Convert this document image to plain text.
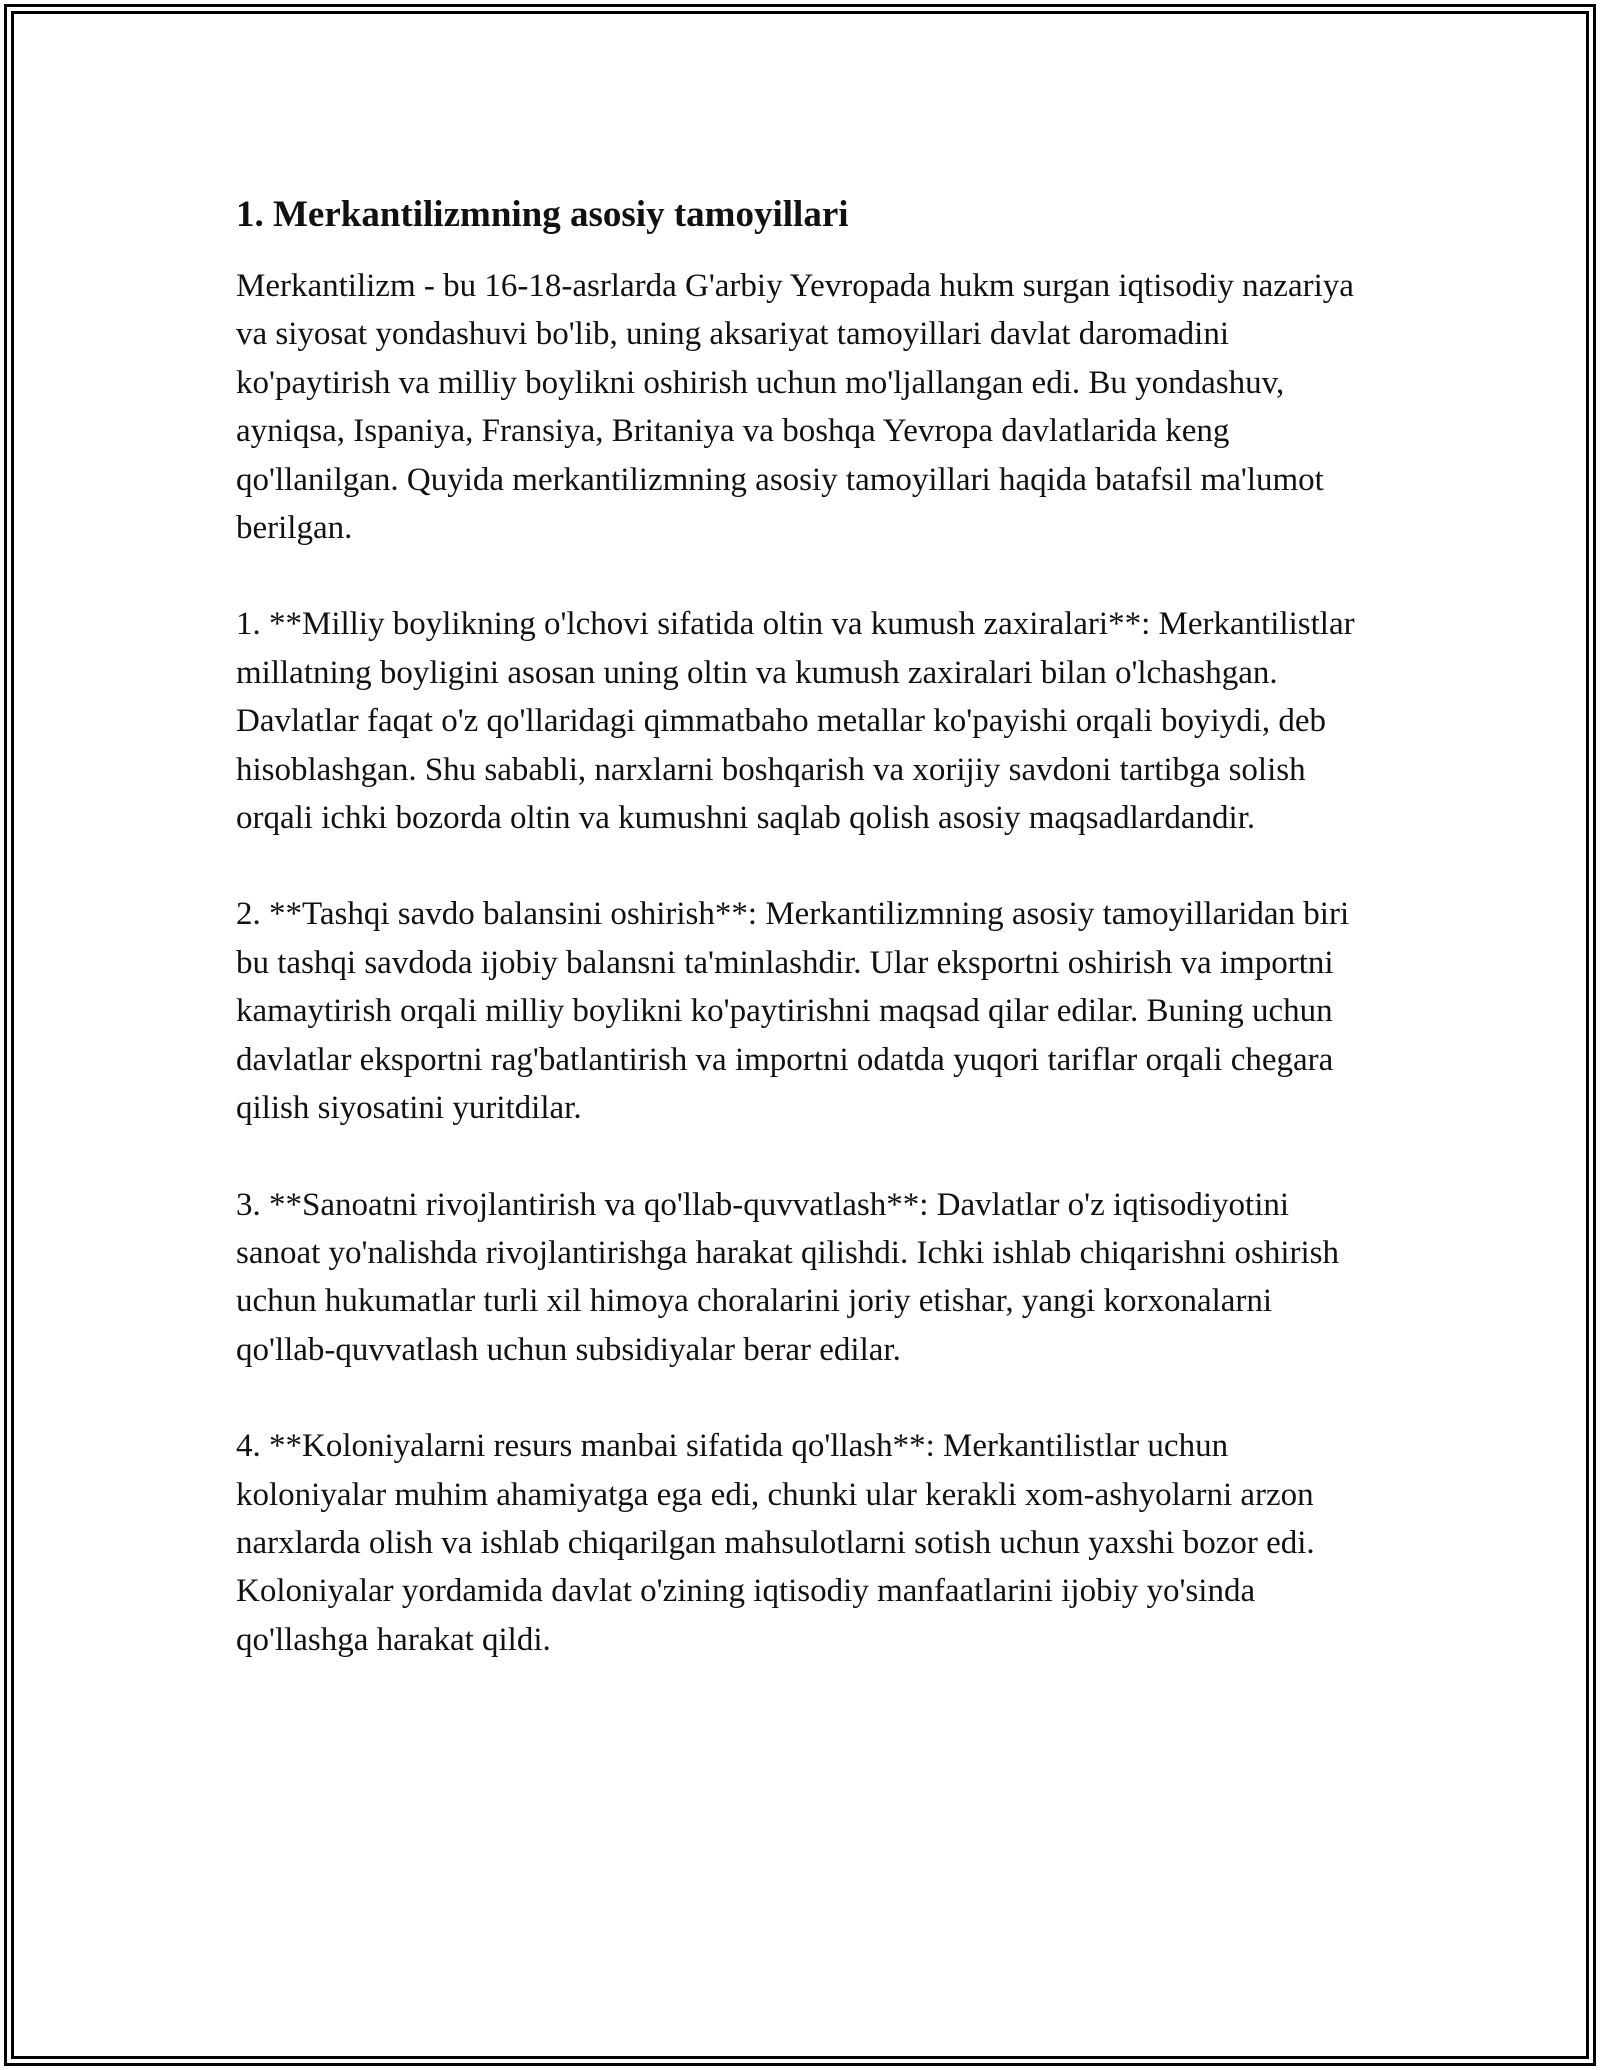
1. Merkantilizmning asosiy tamoyillari

Merkantilizm - bu 16-18-asrlarda G'arbiy Yevropada hukm surgan iqtisodiy nazariya va siyosat yondashuvi bo'lib, uning aksariyat tamoyillari davlat daromadini ko'paytirish va milliy boylikni oshirish uchun mo'ljallangan edi. Bu yondashuv, ayniqsa, Ispaniya, Fransiya, Britaniya va boshqa Yevropa davlatlarida keng qo'llanilgan. Quyida merkantilizmning asosiy tamoyillari haqida batafsil ma'lumot berilgan.

1. **Milliy boylikning o'lchovi sifatida oltin va kumush zaxiralari**: Merkantilistlar millatning boyligini asosan uning oltin va kumush zaxiralari bilan o'lchashgan. Davlatlar faqat o'z qo'llaridagi qimmatbaho metallar ko'payishi orqali boyiydi, deb hisoblashgan. Shu sababli, narxlarni boshqarish va xorijiy savdoni tartibga solish orqali ichki bozorda oltin va kumushni saqlab qolish asosiy maqsadlardandir.

2. **Tashqi savdo balansini oshirish**: Merkantilizmning asosiy tamoyillaridan biri bu tashqi savdoda ijobiy balansni ta'minlashdir. Ular eksportni oshirish va importni kamaytirish orqali milliy boylikni ko'paytirishni maqsad qilar edilar. Buning uchun davlatlar eksportni rag'batlantirish va importni odatda yuqori tariflar orqali chegara qilish siyosatini yuritdilar.

3. **Sanoatni rivojlantirish va qo'llab-quvvatlash**: Davlatlar o'z iqtisodiyotini sanoat yo'nalishda rivojlantirishga harakat qilishdi. Ichki ishlab chiqarishni oshirish uchun hukumatlar turli xil himoya choralarini joriy etishar, yangi korxonalarni qo'llab-quvvatlash uchun subsidiyalar berar edilar.

4. **Koloniyalarni resurs manbai sifatida qo'llash**: Merkantilistlar uchun koloniyalar muhim ahamiyatga ega edi, chunki ular kerakli xom-ashyolarni arzon narxlarda olish va ishlab chiqarilgan mahsulotlarni sotish uchun yaxshi bozor edi. Koloniyalar yordamida davlat o'zining iqtisodiy manfaatlarini ijobiy yo'sinda qo'llashga harakat qildi.
